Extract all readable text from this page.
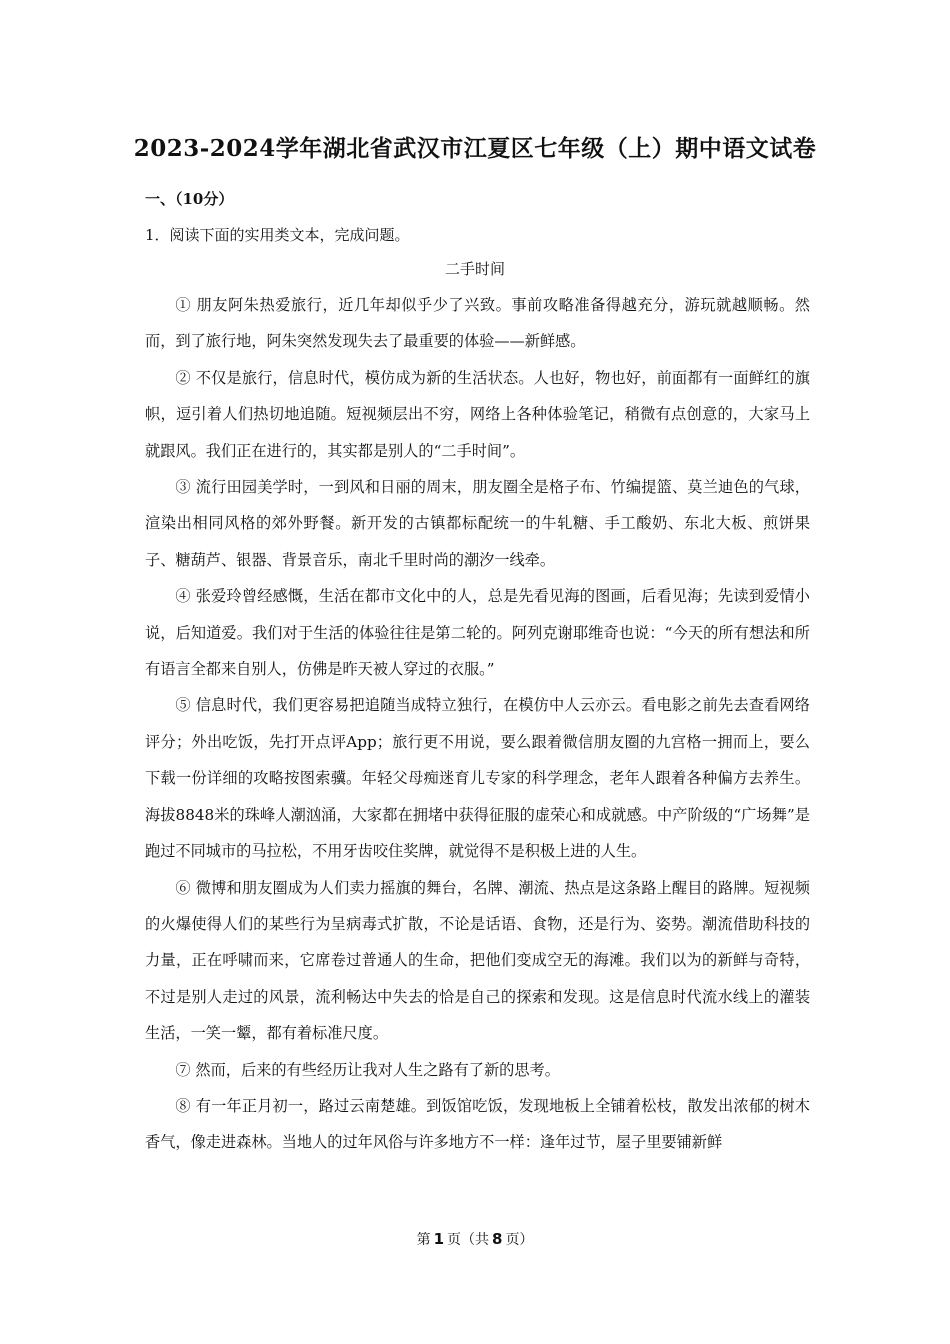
2023-2024学年湖北省武汉市江夏区七年级（上）期中语文试卷
一、（10分）
1．阅读下面的实用类文本，完成问题。
二手时间

① 朋友阿朱热爱旅行，近几年却似乎少了兴致。事前攻略准备得越充分，游玩就越顺畅。然而，到了旅行地，阿朱突然发现失去了最重要的体验——新鲜感。

② 不仅是旅行，信息时代，模仿成为新的生活状态。人也好，物也好，前面都有一面鲜红的旗帜，逗引着人们热切地追随。短视频层出不穷，网络上各种体验笔记，稍微有点创意的，大家马上就跟风。我们正在进行的，其实都是别人的“二手时间”。

③ 流行田园美学时，一到风和日丽的周末，朋友圈全是格子布、竹编提篮、莫兰迪色的气球，渲染出相同风格的郊外野餐。新开发的古镇都标配统一的牛轧糖、手工酸奶、东北大板、煎饼果子、糖葫芦、银器、背景音乐，南北千里时尚的潮汐一线牵。

④ 张爱玲曾经感慨，生活在都市文化中的人，总是先看见海的图画，后看见海；先读到爱情小说，后知道爱。我们对于生活的体验往往是第二轮的。阿列克谢耶维奇也说：“今天的所有想法和所有语言全都来自别人，仿佛是昨天被人穿过的衣服。”

⑤ 信息时代，我们更容易把追随当成特立独行，在模仿中人云亦云。看电影之前先去查看网络评分；外出吃饭，先打开点评App；旅行更不用说，要么跟着微信朋友圈的九宫格一拥而上，要么下载一份详细的攻略按图索骥。年轻父母痴迷育儿专家的科学理念，老年人跟着各种偏方去养生。海拔8848米的珠峰人潮汹涌，大家都在拥堵中获得征服的虚荣心和成就感。中产阶级的“广场舞”是跑过不同城市的马拉松，不用牙齿咬住奖牌，就觉得不是积极上进的人生。

⑥ 微博和朋友圈成为人们卖力摇旗的舞台，名牌、潮流、热点是这条路上醒目的路牌。短视频的火爆使得人们的某些行为呈病毒式扩散，不论是话语、食物，还是行为、姿势。潮流借助科技的力量，正在呼啸而来，它席卷过普通人的生命，把他们变成空无的海滩。我们以为的新鲜与奇特，不过是别人走过的风景，流利畅达中失去的恰是自己的探索和发现。这是信息时代流水线上的灌装生活，一笑一颦，都有着标准尺度。

⑦ 然而，后来的有些经历让我对人生之路有了新的思考。

⑧ 有一年正月初一，路过云南楚雄。到饭馆吃饭，发现地板上全铺着松枝，散发出浓郁的树木香气，像走进森林。当地人的过年风俗与许多地方不一样：逢年过节，屋子里要铺新鲜

第 1 页（共 8 页）
